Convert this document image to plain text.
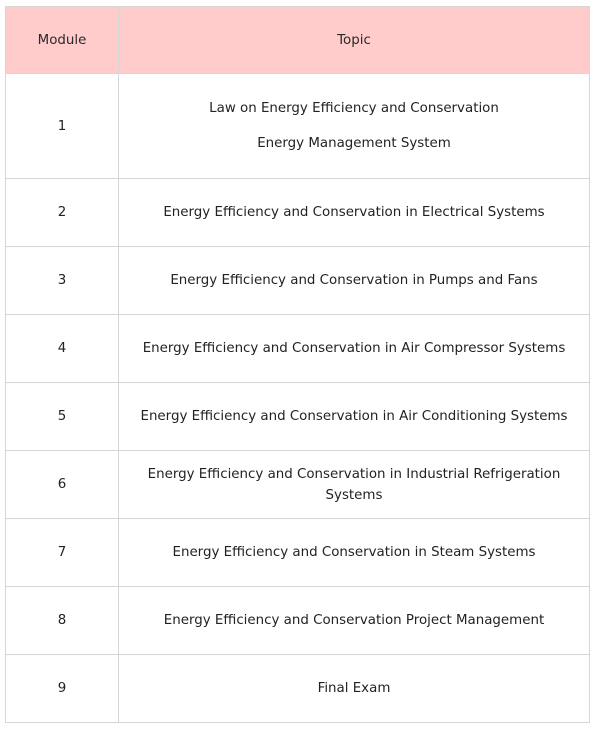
Module	Topic
1	Law on Energy Efficiency and Conservation
Energy Management System

2	Energy Efficiency and Conservation in Electrical Systems
3	Energy Efficiency and Conservation in Pumps and Fans
4	Energy Efficiency and Conservation in Air Compressor Systems
5	Energy Efficiency and Conservation in Air Conditioning Systems
6	Energy Efficiency and Conservation in Industrial Refrigeration Systems
7	Energy Efficiency and Conservation in Steam Systems
8	Energy Efficiency and Conservation Project Management
9	Final Exam
